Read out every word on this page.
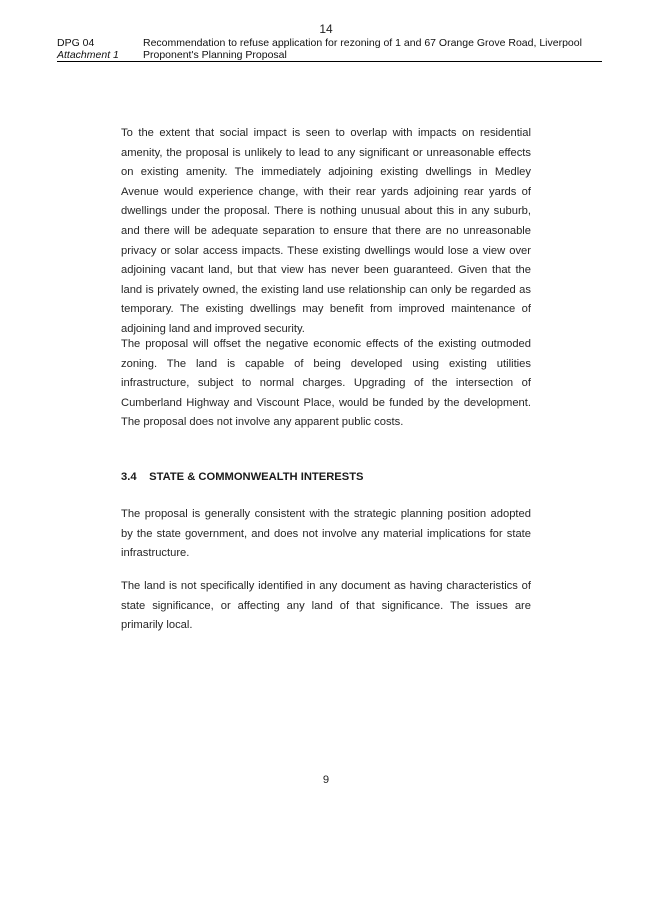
14
DPG 04
Attachment 1
Recommendation to refuse application for rezoning of 1 and 67 Orange Grove Road, Liverpool
Proponent's Planning Proposal

To the extent that social impact is seen to overlap with impacts on residential amenity, the proposal is unlikely to lead to any significant or unreasonable effects on existing amenity. The immediately adjoining existing dwellings in Medley Avenue would experience change, with their rear yards adjoining rear yards of dwellings under the proposal. There is nothing unusual about this in any suburb, and there will be adequate separation to ensure that there are no unreasonable privacy or solar access impacts. These existing dwellings would lose a view over adjoining vacant land, but that view has never been guaranteed. Given that the land is privately owned, the existing land use relationship can only be regarded as temporary. The existing dwellings may benefit from improved maintenance of adjoining land and improved security.

The proposal will offset the negative economic effects of the existing outmoded zoning. The land is capable of being developed using existing utilities infrastructure, subject to normal charges. Upgrading of the intersection of Cumberland Highway and Viscount Place, would be funded by the development. The proposal does not involve any apparent public costs.

3.4 STATE & COMMONWEALTH INTERESTS

The proposal is generally consistent with the strategic planning position adopted by the state government, and does not involve any material implications for state infrastructure.

The land is not specifically identified in any document as having characteristics of state significance, or affecting any land of that significance. The issues are primarily local.

9
